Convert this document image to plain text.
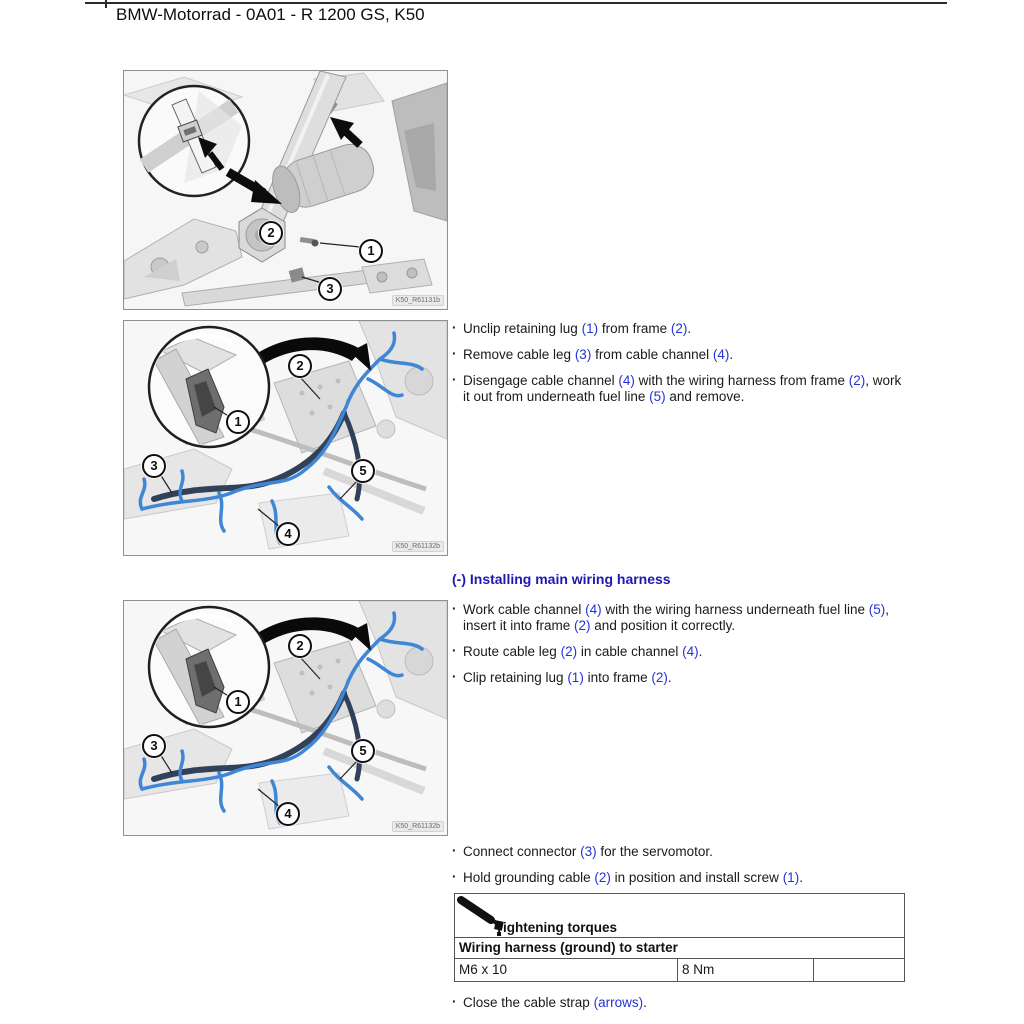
BMW-Motorrad - 0A01 - R 1200 GS, K50
1
2
3
K50_R61131b
1
2
3
4
5
K50_R61132b
· Unclip retaining lug (1) from frame (2).
· Remove cable leg (3) from cable channel (4).
· Disengage cable channel (4) with the wiring harness from frame (2), work it out from underneath fuel line (5) and remove.
(-) Installing main wiring harness
1
2
3
4
5
K50_R61132b
· Work cable channel (4) with the wiring harness underneath fuel line (5), insert it into frame (2) and position it correctly.
· Route cable leg (2) in cable channel (4).
· Clip retaining lug (1) into frame (2).
· Connect connector (3) for the servomotor.
· Hold grounding cable (2) in position and install screw (1).
Tightening torques
Wiring harness (ground) to starter
M6 x 10	8 Nm
· Close the cable strap (arrows).
